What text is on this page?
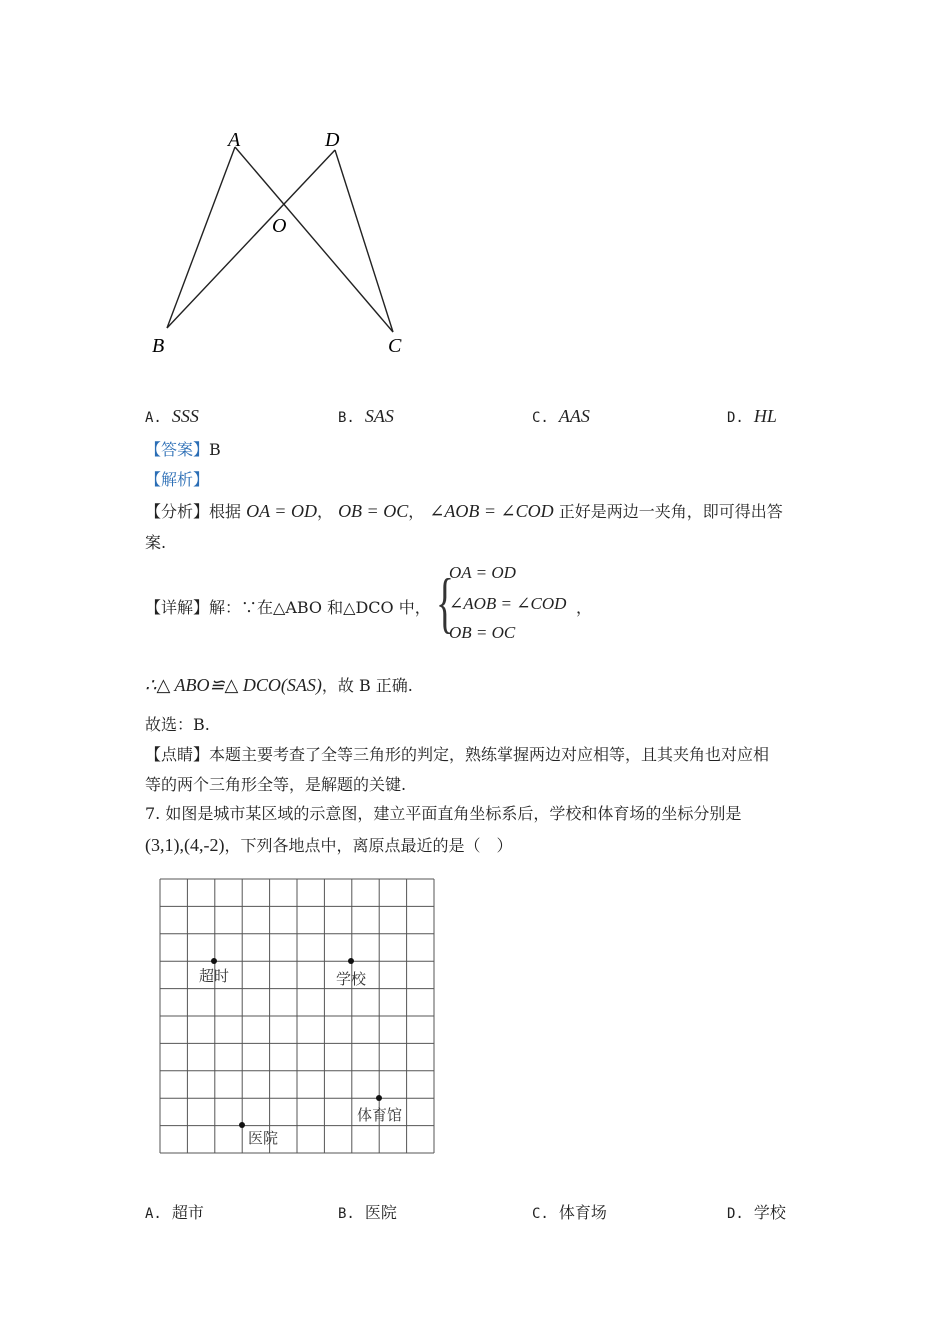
A	D
O
B	C
A. SSS	B. SAS	C. AAS	D. HL
【答案】B
【解析】
【分析】根据 OA = OD， OB = OC， ∠AOB = ∠COD 正好是两边一夹角，即可得出答
案.
【详解】解：∵在△ABO 和△DCO 中， {
OA = OD
∠AOB = ∠COD ，
OB = OC
∴△ ABO≌△ DCO(SAS)，故 B 正确.
故选：B.
【点睛】本题主要考查了全等三角形的判定，熟练掌握两边对应相等，且其夹角也对应相
等的两个三角形全等，是解题的关键.
7. 如图是城市某区域的示意图，建立平面直角坐标系后，学校和体育场的坐标分别是
(3,1),(4,-2)，下列各地点中，离原点最近的是（　）
超时	学校
体育馆
医院
A. 超市	B. 医院	C. 体育场	D. 学校
